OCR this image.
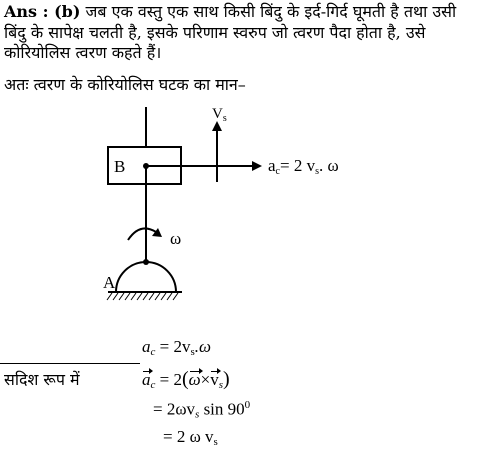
Ans : (b) जब एक वस्तु एक साथ किसी बिंदु के इर्द-गिर्द घूमती है तथा उसी बिंदु के सापेक्ष चलती है, इसके परिणाम स्वरुप जो त्वरण पैदा होता है, उसे कोरियोलिस त्वरण कहते हैं।
अतः त्वरण के कोरियोलिस घटक का मान–
B
$V_s$
ac= 2 vs. ω
ω
A
$a_c = 2v_s.\omega$
सदिश रूप में	$a_c = 2(\omega\times v_s)$
= $2\omega v_s$ $\sin 90^0$
= 2 ω $v_s$
